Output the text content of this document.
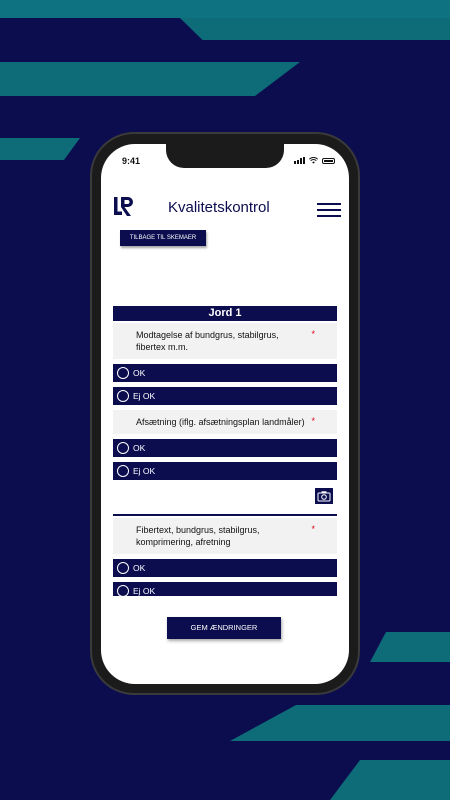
9:41
Kvalitetskontrol
TILBAGE TIL SKEMAER
Jord 1
Modtagelse af bundgrus, stabilgrus, fibertex m.m.
*
OK
Ej OK
Afsætning (iflg. afsætningsplan landmåler) *
OK
Ej OK
Fibertext, bundgrus, stabilgrus, komprimering, afretning
*
OK
Ej OK
GEM ÆNDRINGER
